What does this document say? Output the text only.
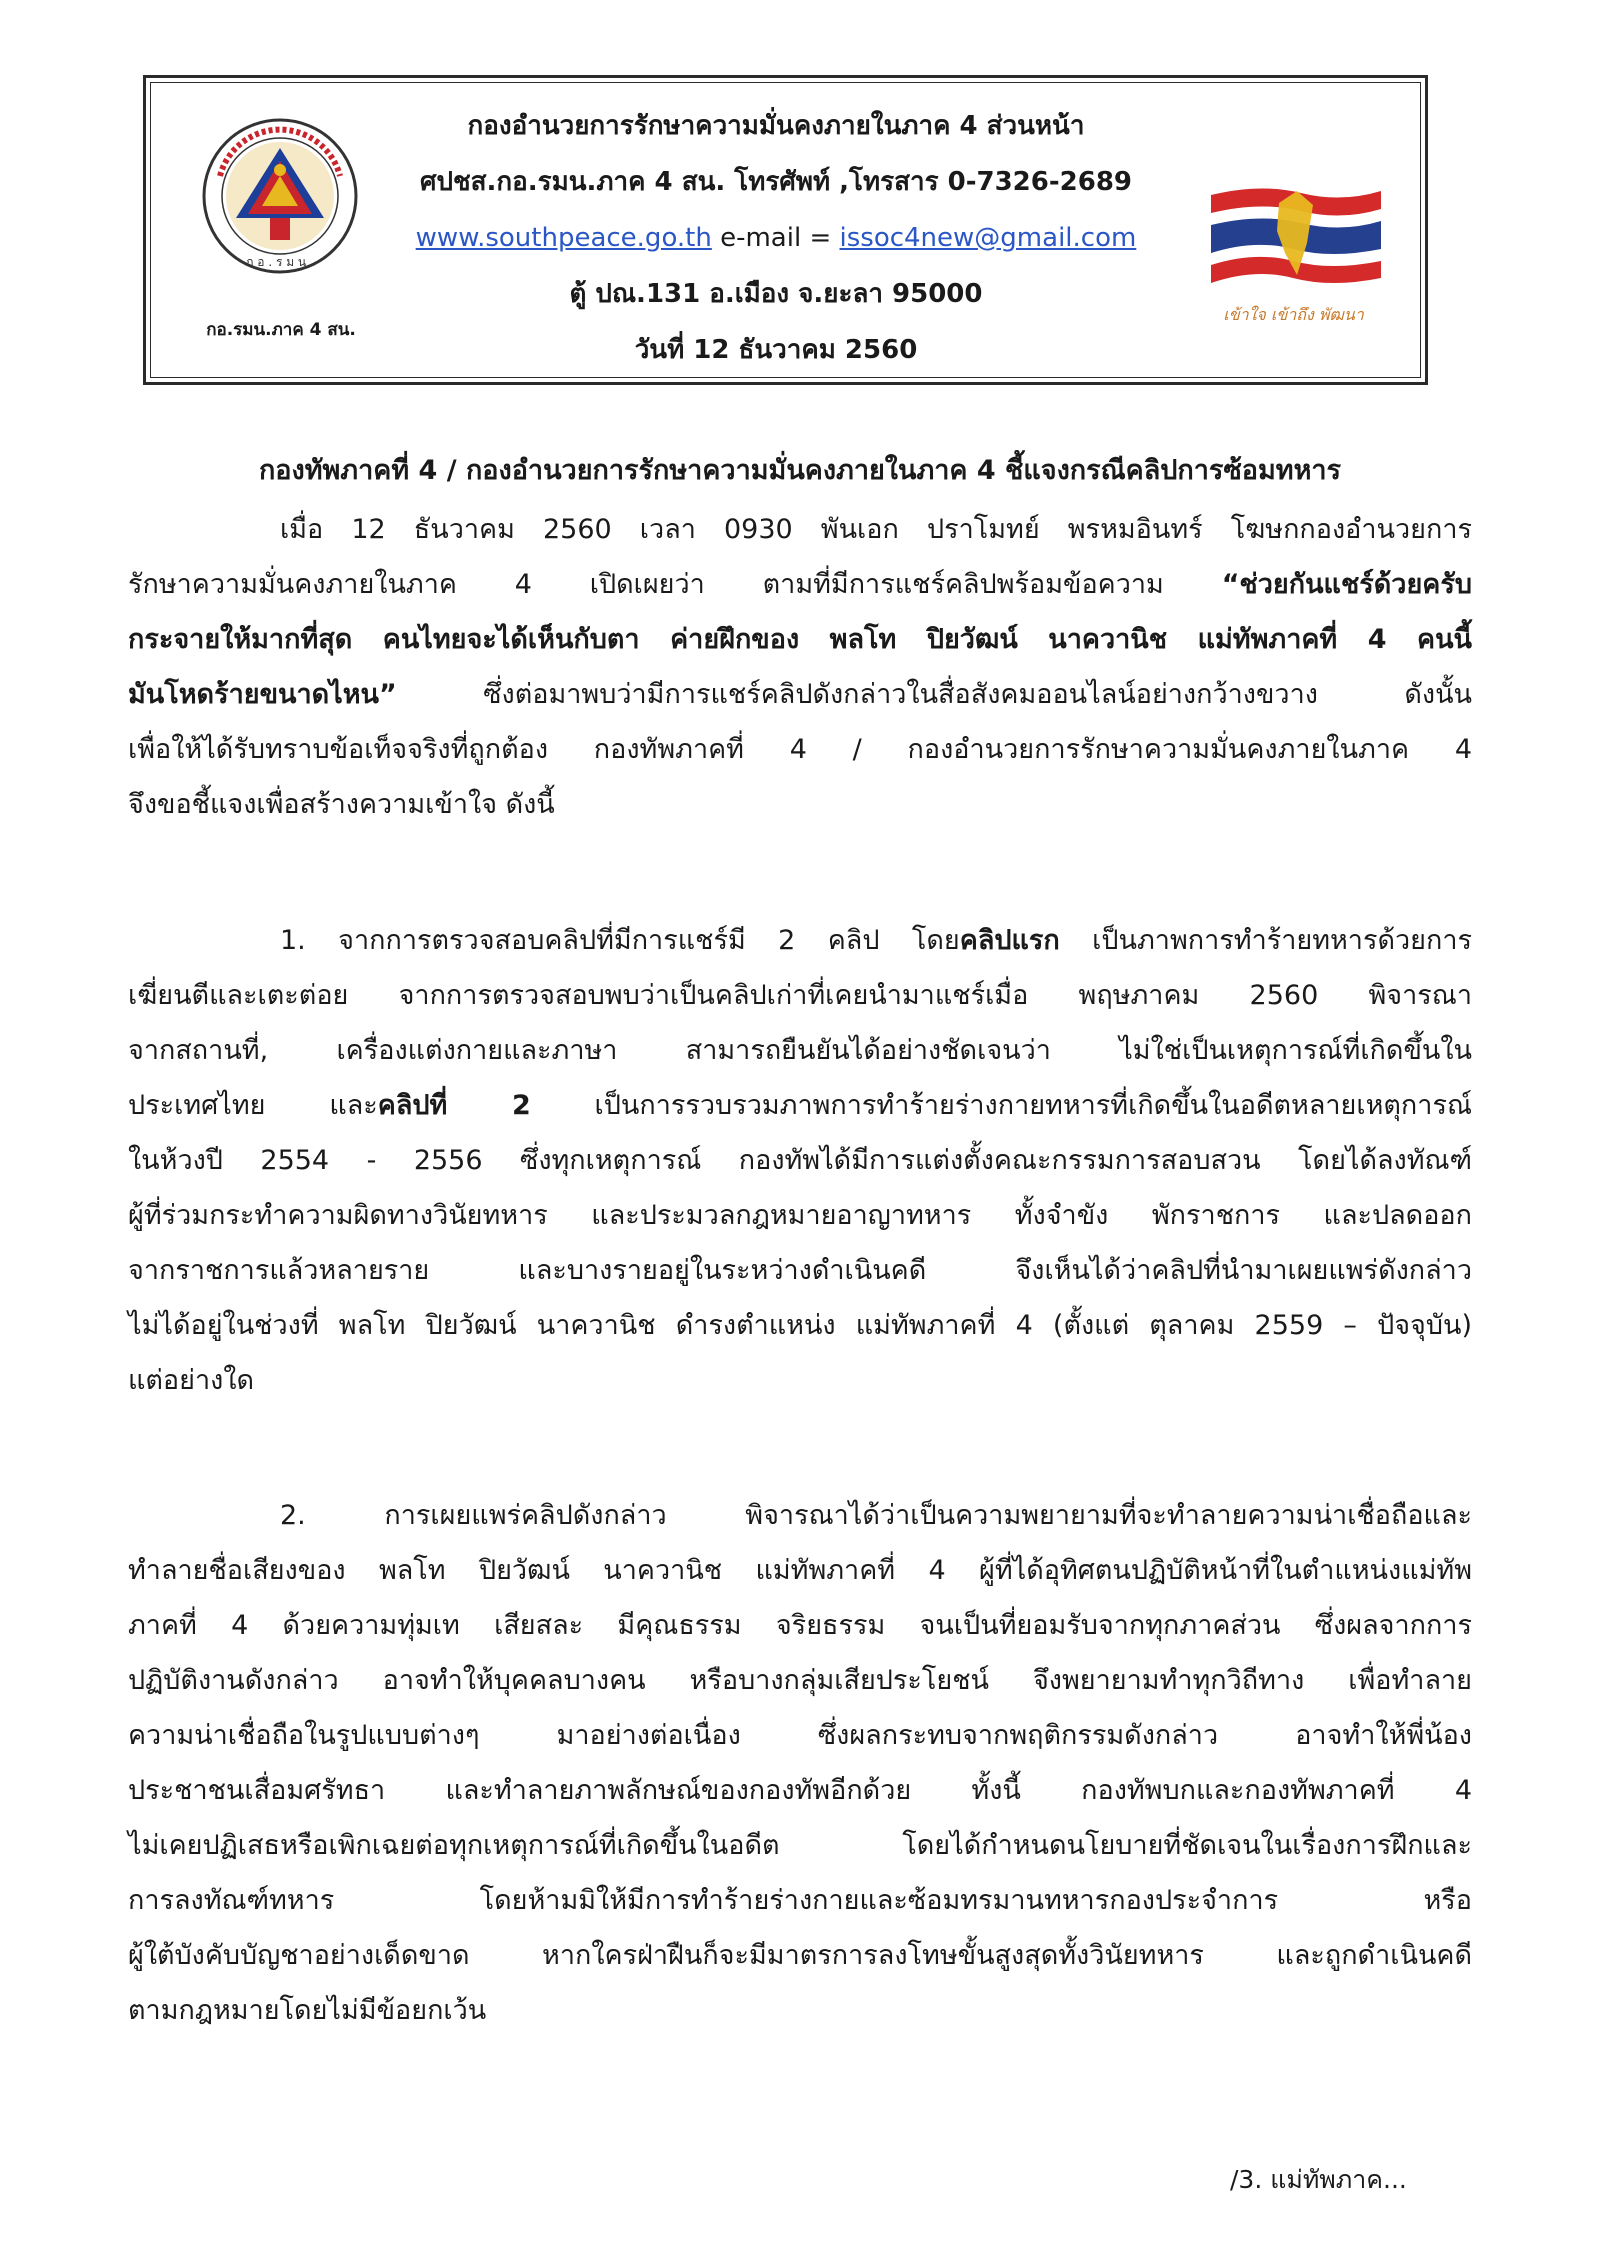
ก อ . ร ม น .
กอ.รมน.ภาค 4 สน.
กองอำนวยการรักษาความมั่นคงภายในภาค 4 ส่วนหน้า
ศปชส.กอ.รมน.ภาค 4 สน. โทรศัพท์ ,โทรสาร 0-7326-2689
www.southpeace.go.th e-mail = issoc4new@gmail.com
ตู้ ปณ.131 อ.เมือง จ.ยะลา 95000
วันที่ 12 ธันวาคม 2560
เข้าใจ เข้าถึง พัฒนา
กองทัพภาคที่ 4 / กองอำนวยการรักษาความมั่นคงภายในภาค 4 ชี้แจงกรณีคลิปการซ้อมทหาร
เมื่อ 12 ธันวาคม 2560 เวลา 0930 พันเอก ปราโมทย์ พรหมอินทร์ โฆษกกองอำนวยการ
รักษาความมั่นคงภายในภาค 4 เปิดเผยว่า ตามที่มีการแชร์คลิปพร้อมข้อความ “ช่วยกันแชร์ด้วยครับ
กระจายให้มากที่สุด คนไทยจะได้เห็นกับตา ค่ายฝึกของ พลโท ปิยวัฒน์ นาควานิช แม่ทัพภาคที่ 4 คนนี้
มันโหดร้ายขนาดไหน” ซึ่งต่อมาพบว่ามีการแชร์คลิปดังกล่าวในสื่อสังคมออนไลน์อย่างกว้างขวาง ดังนั้น
เพื่อให้ได้รับทราบข้อเท็จจริงที่ถูกต้อง กองทัพภาคที่ 4 / กองอำนวยการรักษาความมั่นคงภายในภาค 4
จึงขอชี้แจงเพื่อสร้างความเข้าใจ ดังนี้
1. จากการตรวจสอบคลิปที่มีการแชร์มี 2 คลิป โดยคลิปแรก เป็นภาพการทำร้ายทหารด้วยการ
เฆี่ยนตีและเตะต่อย จากการตรวจสอบพบว่าเป็นคลิปเก่าที่เคยนำมาแชร์เมื่อ พฤษภาคม 2560 พิจารณา
จากสถานที่, เครื่องแต่งกายและภาษา สามารถยืนยันได้อย่างชัดเจนว่า ไม่ใช่เป็นเหตุการณ์ที่เกิดขึ้นใน
ประเทศไทย และคลิปที่ 2 เป็นการรวบรวมภาพการทำร้ายร่างกายทหารที่เกิดขึ้นในอดีตหลายเหตุการณ์
ในห้วงปี 2554 - 2556 ซึ่งทุกเหตุการณ์ กองทัพได้มีการแต่งตั้งคณะกรรมการสอบสวน โดยได้ลงทัณฑ์
ผู้ที่ร่วมกระทำความผิดทางวินัยทหาร และประมวลกฎหมายอาญาทหาร ทั้งจำขัง พักราชการ และปลดออก
จากราชการแล้วหลายราย และบางรายอยู่ในระหว่างดำเนินคดี จึงเห็นได้ว่าคลิปที่นำมาเผยแพร่ดังกล่าว
ไม่ได้อยู่ในช่วงที่ พลโท ปิยวัฒน์ นาควานิช ดำรงตำแหน่ง แม่ทัพภาคที่ 4 (ตั้งแต่ ตุลาคม 2559 – ปัจจุบัน)
แต่อย่างใด
2. การเผยแพร่คลิปดังกล่าว พิจารณาได้ว่าเป็นความพยายามที่จะทำลายความน่าเชื่อถือและ
ทำลายชื่อเสียงของ พลโท ปิยวัฒน์ นาควานิช แม่ทัพภาคที่ 4 ผู้ที่ได้อุทิศตนปฏิบัติหน้าที่ในตำแหน่งแม่ทัพ
ภาคที่ 4 ด้วยความทุ่มเท เสียสละ มีคุณธรรม จริยธรรม จนเป็นที่ยอมรับจากทุกภาคส่วน ซึ่งผลจากการ
ปฏิบัติงานดังกล่าว อาจทำให้บุคคลบางคน หรือบางกลุ่มเสียประโยชน์ จึงพยายามทำทุกวิถีทาง เพื่อทำลาย
ความน่าเชื่อถือในรูปแบบต่างๆ มาอย่างต่อเนื่อง ซึ่งผลกระทบจากพฤติกรรมดังกล่าว อาจทำให้พี่น้อง
ประชาชนเสื่อมศรัทธา และทำลายภาพลักษณ์ของกองทัพอีกด้วย ทั้งนี้ กองทัพบกและกองทัพภาคที่ 4
ไม่เคยปฏิเสธหรือเพิกเฉยต่อทุกเหตุการณ์ที่เกิดขึ้นในอดีต โดยได้กำหนดนโยบายที่ชัดเจนในเรื่องการฝึกและ
การลงทัณฑ์ทหาร โดยห้ามมิให้มีการทำร้ายร่างกายและซ้อมทรมานทหารกองประจำการ หรือ
ผู้ใต้บังคับบัญชาอย่างเด็ดขาด หากใครฝ่าฝืนก็จะมีมาตรการลงโทษขั้นสูงสุดทั้งวินัยทหาร และถูกดำเนินคดี
ตามกฎหมายโดยไม่มีข้อยกเว้น
/3. แม่ทัพภาค...
